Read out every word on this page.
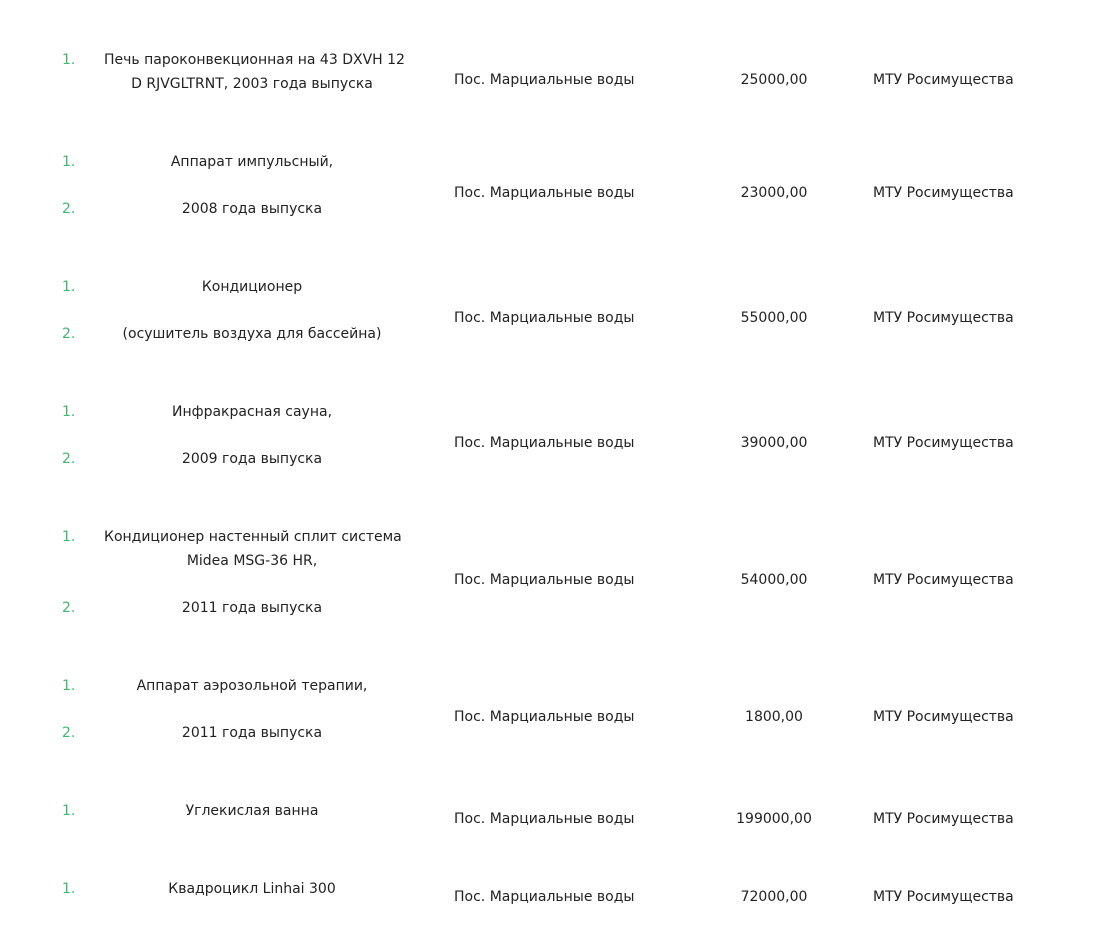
1.	Печь пароконвекционная на 43 DXVH 12
D RJVGLTRNT, 2003 года выпуска	Пос. Марциальные воды	25000,00	МТУ Росимущества
1.	Аппарат импульсный,
2.	2008 года выпуска
Пос. Марциальные воды	23000,00	МТУ Росимущества
1.	Кондиционер
2.	(осушитель воздуха для бассейна)
Пос. Марциальные воды	55000,00	МТУ Росимущества
1.	Инфракрасная сауна,
2.	2009 года выпуска
Пос. Марциальные воды	39000,00	МТУ Росимущества
1.	Кондиционер настенный сплит система
Midea MSG-36 HR,
2.	2011 года выпуска
Пос. Марциальные воды	54000,00	МТУ Росимущества
1.	Аппарат аэрозольной терапии,
2.	2011 года выпуска
Пос. Марциальные воды	1800,00	МТУ Росимущества
1.	Углекислая ванна	Пос. Марциальные воды	199000,00	МТУ Росимущества
1.	Квадроцикл Linhai 300	Пос. Марциальные воды	72000,00	МТУ Росимущества
